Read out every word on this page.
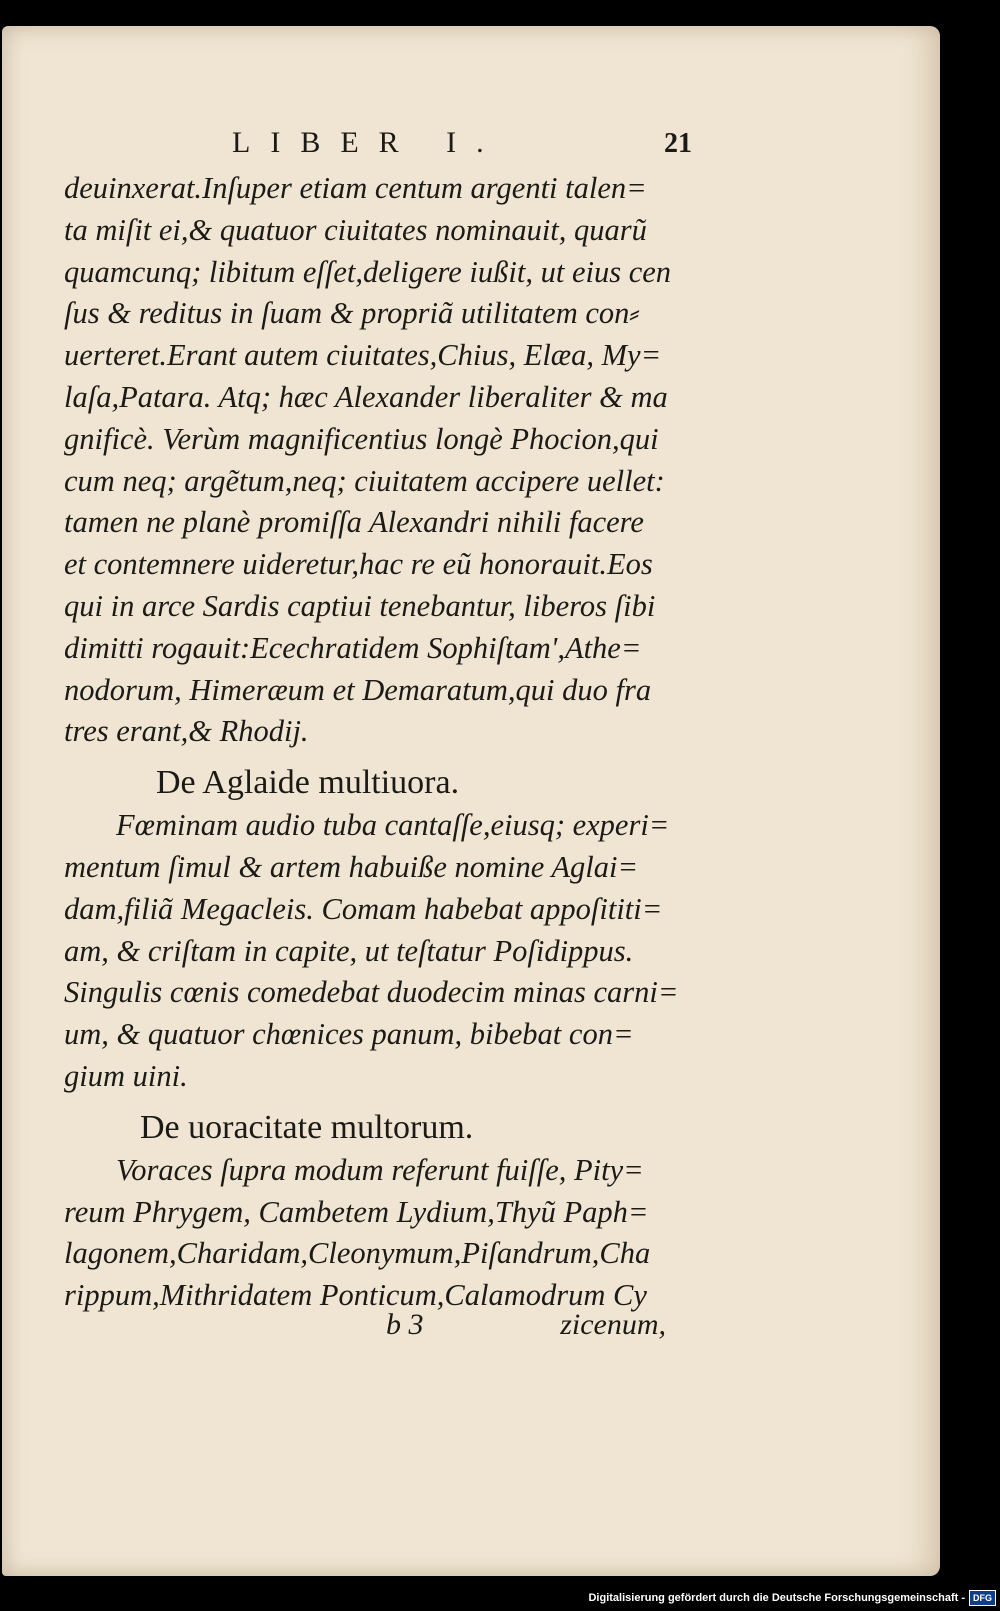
LIBER I.	21
deuinxerat.Inſuper etiam centum argenti talen=
ta miſit ei,& quatuor ciuitates nominauit, quarũ
quamcunq; libitum eſſet,deligere iußit, ut eius cen
ſus & reditus in ſuam & propriã utilitatem con⸗
uerteret.Erant autem ciuitates,Chius, Elæa, My=
laſa,Patara. Atq; hæc Alexander liberaliter & ma
gnificè. Verùm magnificentius longè Phocion,qui
cum neq; argẽtum,neq; ciuitatem accipere uellet:
tamen ne planè promiſſa Alexandri nihili facere
et contemnere uideretur,hac re eũ honorauit.Eos
qui in arce Sardis captiui tenebantur, liberos ſibi
dimitti rogauit:Ecechratidem Sophiſtam',Athe=
nodorum, Himeræum et Demaratum,qui duo fra
tres erant,& Rhodij.
De Aglaide multiuora.
Fœminam audio tuba cantaſſe,eiusq; experi=
mentum ſimul & artem habuiße nomine Aglai=
dam,filiã Megacleis. Comam habebat appoſititi=
am, & criſtam in capite, ut teſtatur Poſidippus.
Singulis cœnis comedebat duodecim minas carni=
um, & quatuor chœnices panum, bibebat con=
gium uini.
De uoracitate multorum.
Voraces ſupra modum referunt fuiſſe, Pity=
reum Phrygem, Cambetem Lydium,Thyũ Paph=
lagonem,Charidam,Cleonymum,Piſandrum,Cha
rippum,Mithridatem Ponticum,Calamodrum Cy
b 3	zicenum,
Digitalisierung gefördert durch die Deutsche Forschungsgemeinschaft - DFG
